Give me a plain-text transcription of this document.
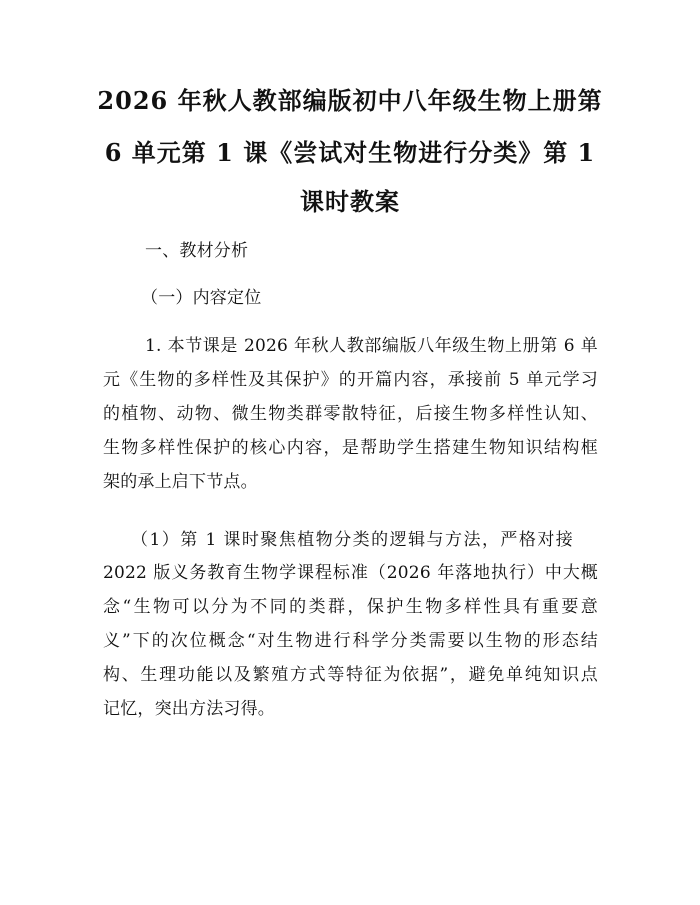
2026 年秋人教部编版初中八年级生物上册第
6 单元第 1 课《尝试对生物进行分类》第 1
课时教案
一、教材分析
（一）内容定位
1. 本节课是 2026 年秋人教部编版八年级生物上册第 6 单
元《生物的多样性及其保护》的开篇内容，承接前 5 单元学习
的植物、动物、微生物类群零散特征，后接生物多样性认知、
生物多样性保护的核心内容，是帮助学生搭建生物知识结构框
架的承上启下节点。
（1）第 1 课时聚焦植物分类的逻辑与方法，严格对接
2022 版义务教育生物学课程标准（2026 年落地执行）中大概
念“生物可以分为不同的类群，保护生物多样性具有重要意
义”下的次位概念“对生物进行科学分类需要以生物的形态结
构、生理功能以及繁殖方式等特征为依据”，避免单纯知识点
记忆，突出方法习得。
